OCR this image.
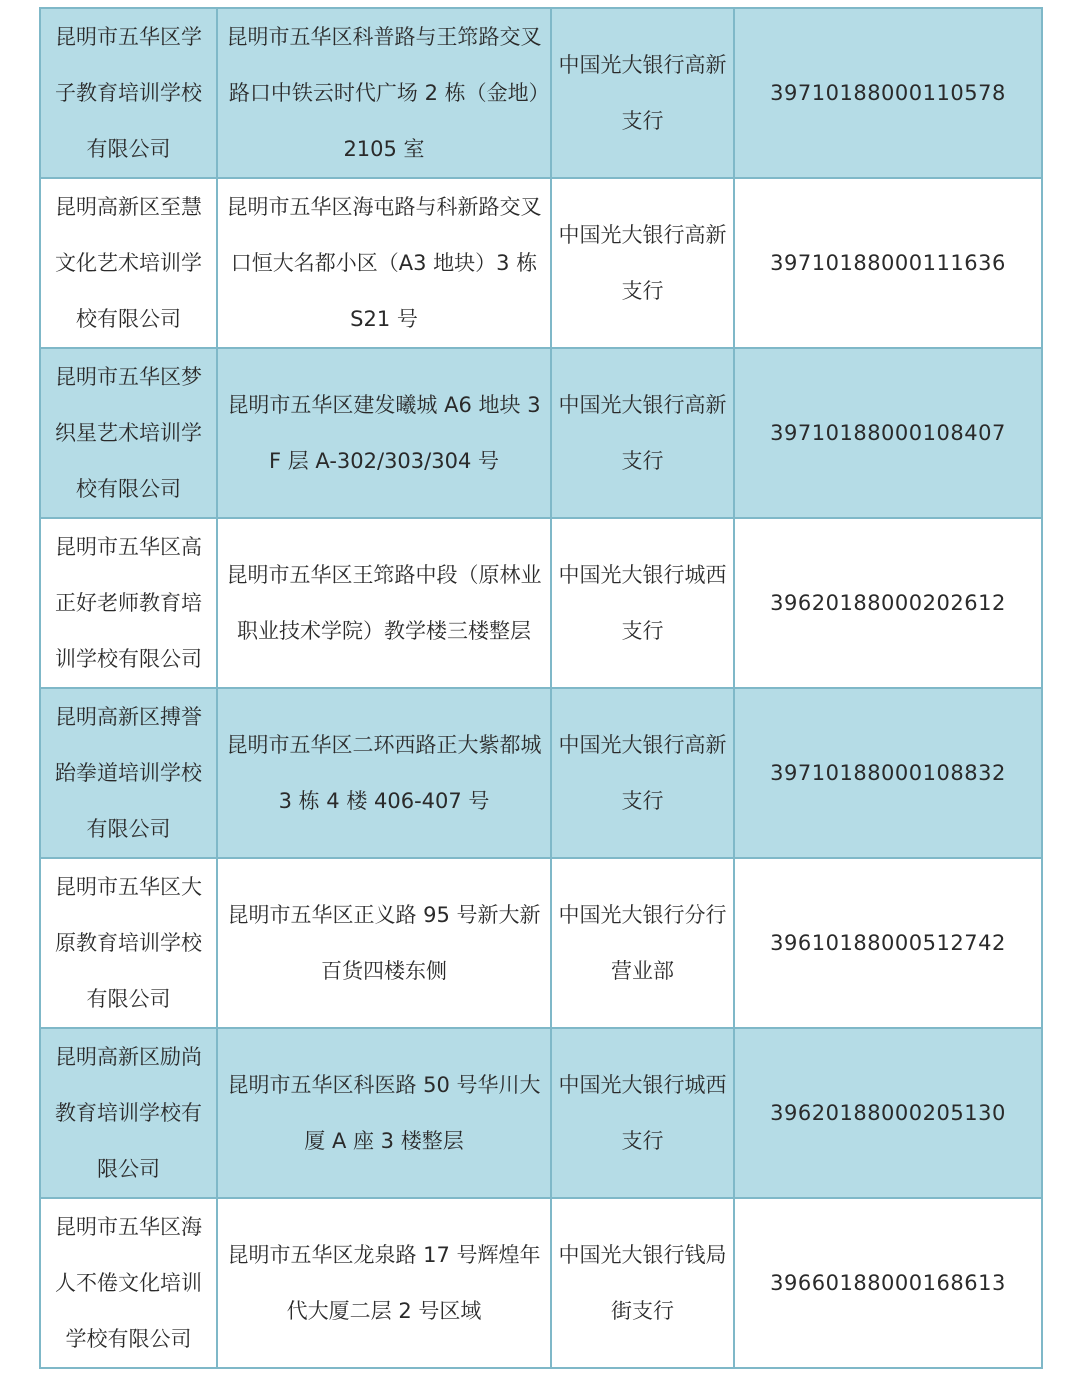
昆明市五华区学子教育培训学校有限公司	昆明市五华区科普路与王筇路交叉路口中铁云时代广场 2 栋（金地）2105 室	中国光大银行高新支行	39710188000110578
昆明高新区至慧文化艺术培训学校有限公司	昆明市五华区海屯路与科新路交叉口恒大名都小区（A3 地块）3 栋 S21 号	中国光大银行高新支行	39710188000111636
昆明市五华区梦织星艺术培训学校有限公司	昆明市五华区建发曦城 A6 地块 3F 层 A-302/303/304 号	中国光大银行高新支行	39710188000108407
昆明市五华区高正好老师教育培训学校有限公司	昆明市五华区王筇路中段（原林业职业技术学院）教学楼三楼整层	中国光大银行城西支行	39620188000202612
昆明高新区搏誉跆拳道培训学校有限公司	昆明市五华区二环西路正大紫都城 3 栋 4 楼 406-407 号	中国光大银行高新支行	39710188000108832
昆明市五华区大原教育培训学校有限公司	昆明市五华区正义路 95 号新大新百货四楼东侧	中国光大银行分行营业部	39610188000512742
昆明高新区励尚教育培训学校有限公司	昆明市五华区科医路 50 号华川大厦 A 座 3 楼整层	中国光大银行城西支行	39620188000205130
昆明市五华区海人不倦文化培训学校有限公司	昆明市五华区龙泉路 17 号辉煌年代大厦二层 2 号区域	中国光大银行钱局街支行	39660188000168613
